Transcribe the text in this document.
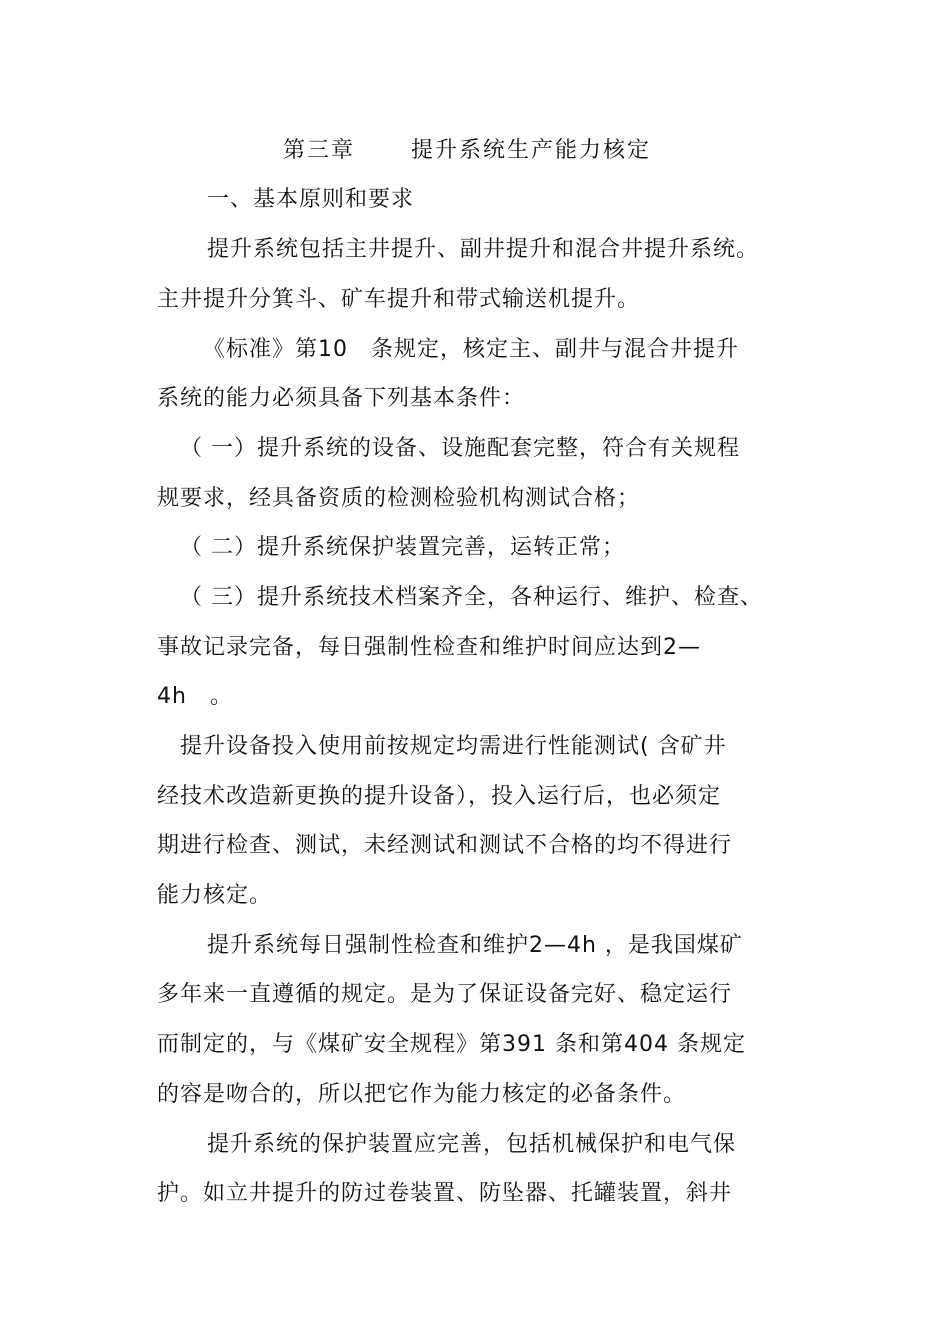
第三章	提升系统生产能力核定
一、基本原则和要求
提升系统包括主井提升、副井提升和混合井提升系统。
主井提升分箕斗、矿车提升和带式输送机提升。
《标准》第10　条规定，核定主、副井与混合井提升
系统的能力必须具备下列基本条件：
（ 一）提升系统的设备、设施配套完整，符合有关规程
规要求，经具备资质的检测检验机构测试合格；
（ 二）提升系统保护装置完善，运转正常；
（ 三）提升系统技术档案齐全，各种运行、维护、检查、
事故记录完备，每日强制性检查和维护时间应达到2—
4h　。
提升设备投入使用前按规定均需进行性能测试( 含矿井
经技术改造新更换的提升设备），投入运行后，也必须定
期进行检查、测试，未经测试和测试不合格的均不得进行
能力核定。
提升系统每日强制性检查和维护2—4h ，是我国煤矿
多年来一直遵循的规定。是为了保证设备完好、稳定运行
而制定的，与《煤矿安全规程》第391 条和第404 条规定
的容是吻合的，所以把它作为能力核定的必备条件。
提升系统的保护装置应完善，包括机械保护和电气保
护。如立井提升的防过卷装置、防坠器、托罐装置，斜井
